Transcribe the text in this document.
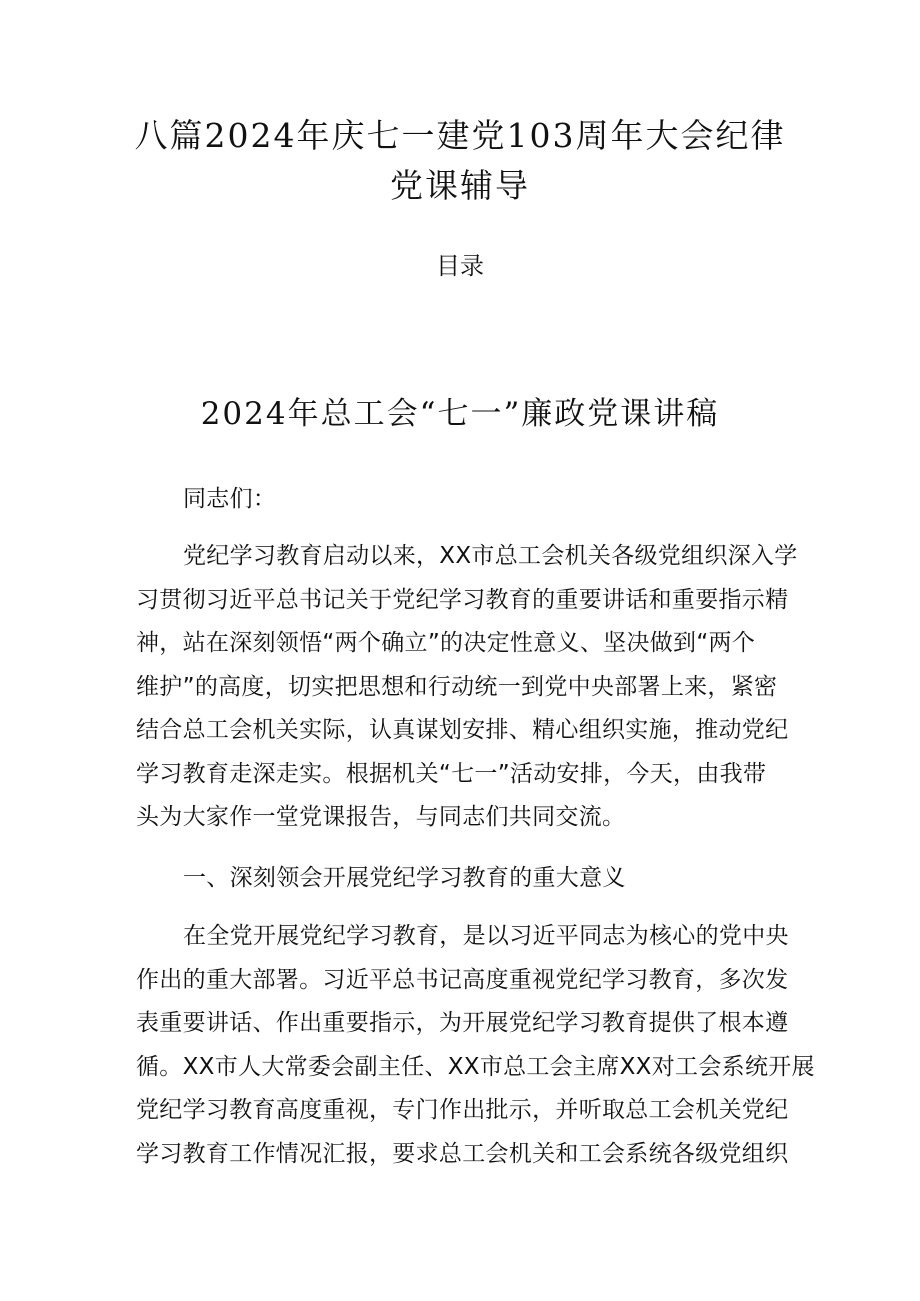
八篇2024年庆七一建党103周年大会纪律
党课辅导
目录
2024年总工会“七一”廉政党课讲稿

同志们：

党纪学习教育启动以来，XX市总工会机关各级党组织深入学
习贯彻习近平总书记关于党纪学习教育的重要讲话和重要指示精
神，站在深刻领悟“两个确立”的决定性意义、坚决做到“两个
维护”的高度，切实把思想和行动统一到党中央部署上来，紧密
结合总工会机关实际，认真谋划安排、精心组织实施，推动党纪
学习教育走深走实。根据机关“七一”活动安排，今天，由我带
头为大家作一堂党课报告，与同志们共同交流。

一、深刻领会开展党纪学习教育的重大意义

在全党开展党纪学习教育，是以习近平同志为核心的党中央
作出的重大部署。习近平总书记高度重视党纪学习教育，多次发
表重要讲话、作出重要指示，为开展党纪学习教育提供了根本遵
循。XX市人大常委会副主任、XX市总工会主席XX对工会系统开展
党纪学习教育高度重视，专门作出批示，并听取总工会机关党纪
学习教育工作情况汇报，要求总工会机关和工会系统各级党组织
